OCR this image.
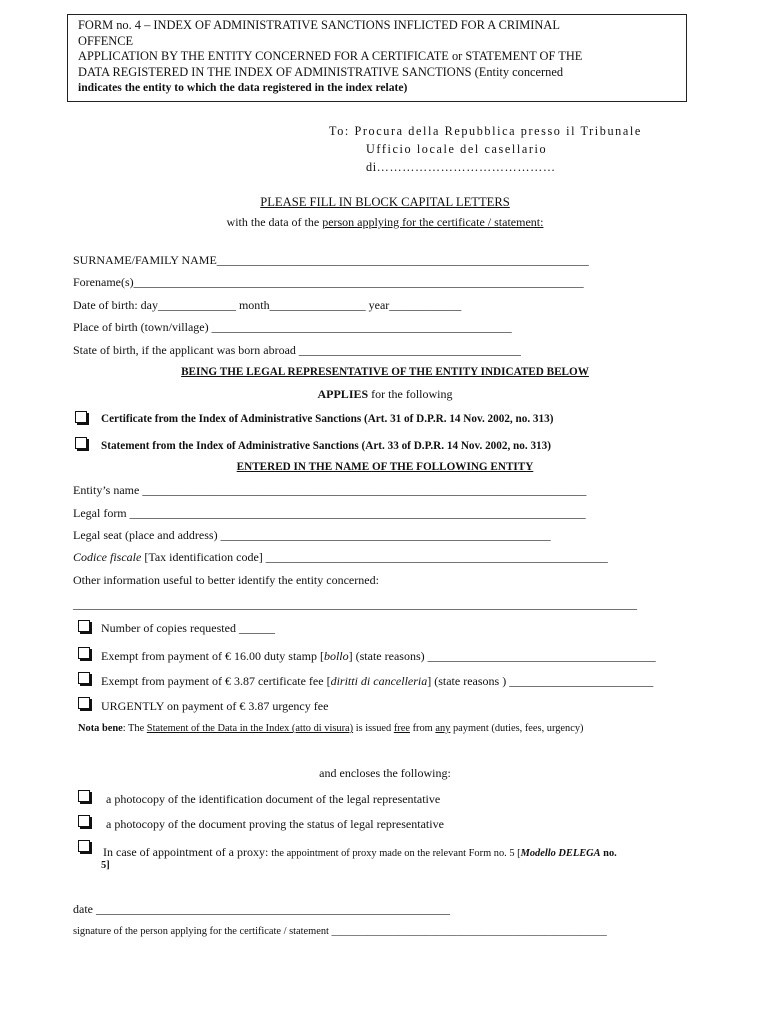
FORM no. 4 – INDEX OF ADMINISTRATIVE SANCTIONS INFLICTED FOR A CRIMINAL
OFFENCE
APPLICATION BY THE ENTITY CONCERNED FOR A CERTIFICATE or STATEMENT OF THE
DATA REGISTERED IN THE INDEX OF ADMINISTRATIVE SANCTIONS (Entity concerned
indicates the entity to which the data registered in the index relate)
To: Procura della Repubblica presso il Tribunale
Ufficio locale del casellario
di……………………………………
PLEASE FILL IN BLOCK CAPITAL LETTERS
with the data of the person applying for the certificate / statement:
SURNAME/FAMILY NAME______________________________________________________________
Forename(s)___________________________________________________________________________
Date of birth: day_____________ month________________ year____________
Place of birth (town/village) __________________________________________________
State of birth, if the applicant was born abroad _____________________________________
BEING THE LEGAL REPRESENTATIVE OF THE ENTITY INDICATED BELOW
APPLIES for the following
Certificate from the Index of Administrative Sanctions (Art. 31 of D.P.R. 14 Nov. 2002, no. 313)
Statement from the Index of Administrative Sanctions (Art. 33 of D.P.R. 14 Nov. 2002, no. 313)
ENTERED IN THE NAME OF THE FOLLOWING ENTITY
Entity’s name __________________________________________________________________________
Legal form ____________________________________________________________________________
Legal seat (place and address) _______________________________________________________
Codice fiscale [Tax identification code] _________________________________________________________
Other information useful to better identify the entity concerned:
______________________________________________________________________________________________
Number of copies requested ______
Exempt from payment of € 16.00 duty stamp [bollo] (state reasons) ______________________________________
Exempt from payment of € 3.87 certificate fee [diritti di cancelleria] (state reasons ) ________________________
URGENTLY on payment of € 3.87 urgency fee
Nota bene: The Statement of the Data in the Index (atto di visura) is issued free from any payment (duties, fees, urgency)
and encloses the following:
a photocopy of the identification document of the legal representative
a photocopy of the document proving the status of legal representative
In case of appointment of a proxy: the appointment of proxy made on the relevant Form no. 5 [Modello DELEGA no.
5]
date ___________________________________________________________
signature of the person applying for the certificate / statement _____________________________________________________
